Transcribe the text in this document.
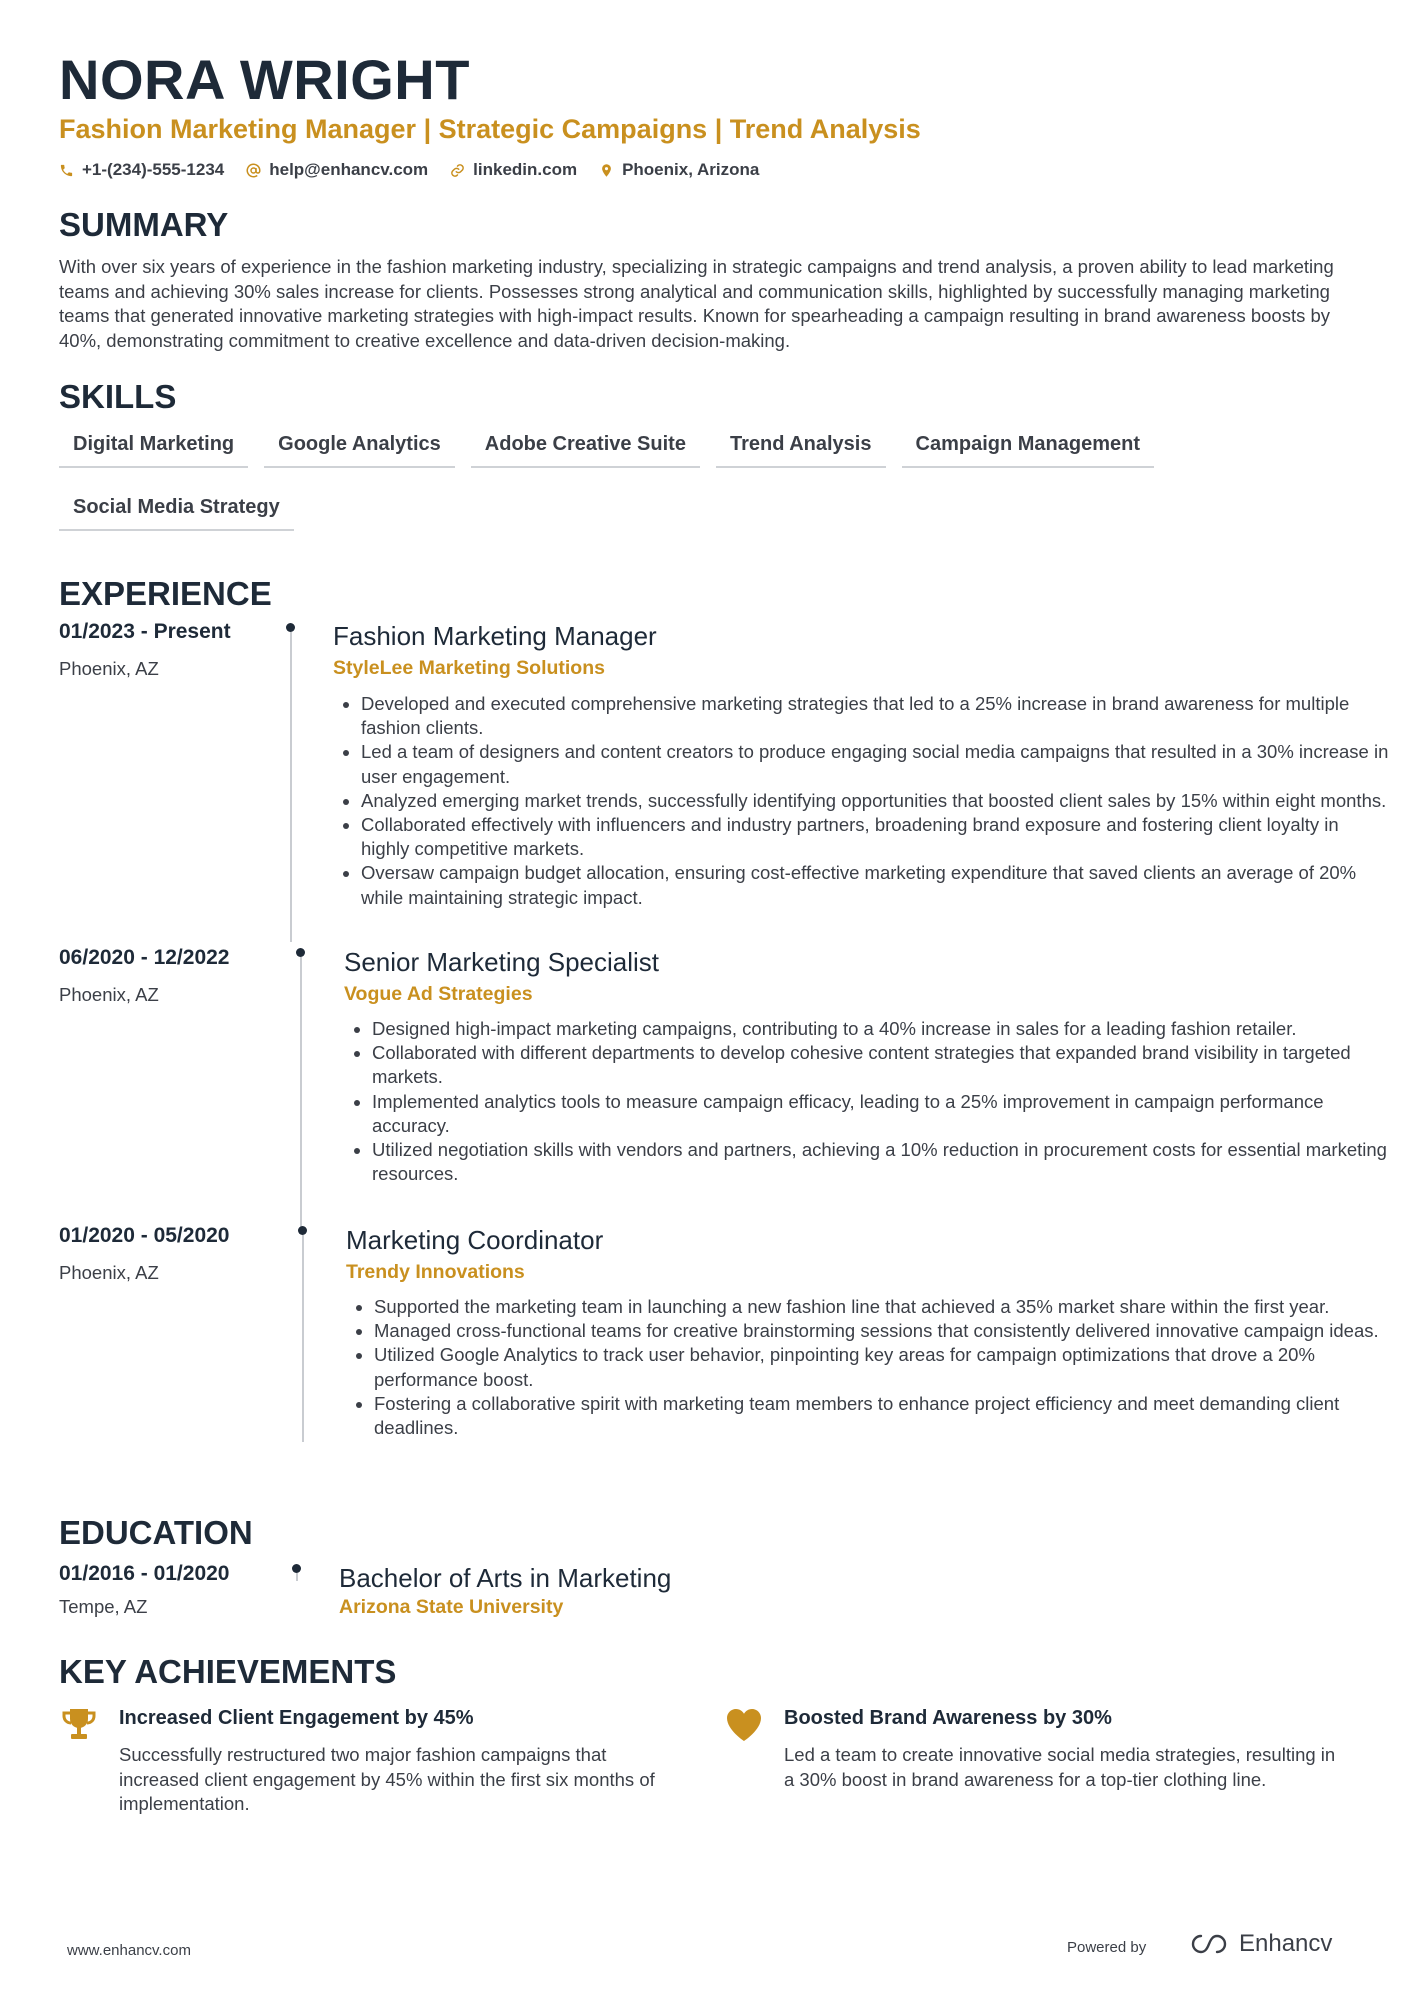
NORA WRIGHT
Fashion Marketing Manager | Strategic Campaigns | Trend Analysis
+1-(234)-555-1234	help@enhancv.com	linkedin.com	Phoenix, Arizona
SUMMARY
With over six years of experience in the fashion marketing industry, specializing in strategic campaigns and trend analysis, a proven ability to lead marketing teams and achieving 30% sales increase for clients. Possesses strong analytical and communication skills, highlighted by successfully managing marketing teams that generated innovative marketing strategies with high-impact results. Known for spearheading a campaign resulting in brand awareness boosts by 40%, demonstrating commitment to creative excellence and data-driven decision-making.
SKILLS
Digital Marketing	Google Analytics	Adobe Creative Suite	Trend Analysis	Campaign Management
Social Media Strategy
EXPERIENCE
01/2023 - Present
Phoenix, AZ
Fashion Marketing Manager
StyleLee Marketing Solutions
• Developed and executed comprehensive marketing strategies that led to a 25% increase in brand awareness for multiple fashion clients.
• Led a team of designers and content creators to produce engaging social media campaigns that resulted in a 30% increase in user engagement.
• Analyzed emerging market trends, successfully identifying opportunities that boosted client sales by 15% within eight months.
• Collaborated effectively with influencers and industry partners, broadening brand exposure and fostering client loyalty in highly competitive markets.
• Oversaw campaign budget allocation, ensuring cost-effective marketing expenditure that saved clients an average of 20% while maintaining strategic impact.
06/2020 - 12/2022
Phoenix, AZ
Senior Marketing Specialist
Vogue Ad Strategies
• Designed high-impact marketing campaigns, contributing to a 40% increase in sales for a leading fashion retailer.
• Collaborated with different departments to develop cohesive content strategies that expanded brand visibility in targeted markets.
• Implemented analytics tools to measure campaign efficacy, leading to a 25% improvement in campaign performance accuracy.
• Utilized negotiation skills with vendors and partners, achieving a 10% reduction in procurement costs for essential marketing resources.
01/2020 - 05/2020
Phoenix, AZ
Marketing Coordinator
Trendy Innovations
• Supported the marketing team in launching a new fashion line that achieved a 35% market share within the first year.
• Managed cross-functional teams for creative brainstorming sessions that consistently delivered innovative campaign ideas.
• Utilized Google Analytics to track user behavior, pinpointing key areas for campaign optimizations that drove a 20% performance boost.
• Fostering a collaborative spirit with marketing team members to enhance project efficiency and meet demanding client deadlines.
EDUCATION
01/2016 - 01/2020
Tempe, AZ
Bachelor of Arts in Marketing
Arizona State University
KEY ACHIEVEMENTS
Increased Client Engagement by 45%
Successfully restructured two major fashion campaigns that increased client engagement by 45% within the first six months of implementation.
Boosted Brand Awareness by 30%
Led a team to create innovative social media strategies, resulting in a 30% boost in brand awareness for a top-tier clothing line.
www.enhancv.com	Powered by	Enhancv
